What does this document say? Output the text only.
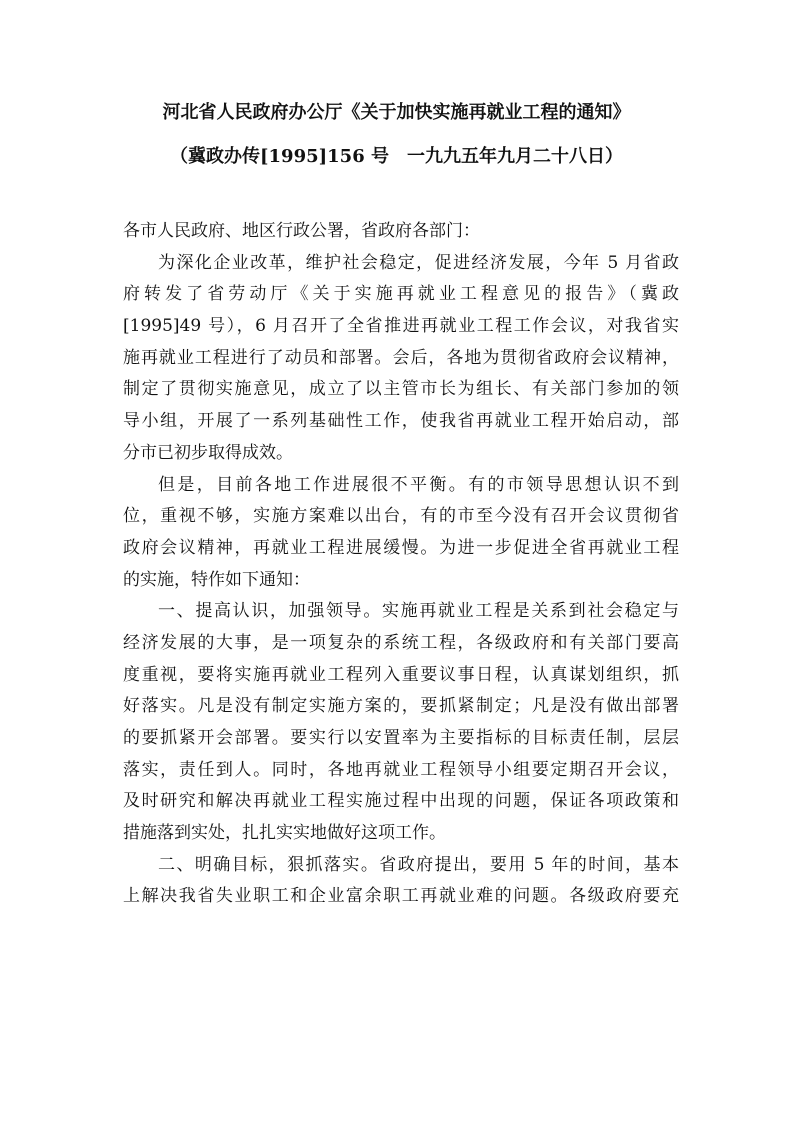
河北省人民政府办公厅《关于加快实施再就业工程的通知》
（冀政办传[1995]156 号　一九九五年九月二十八日）
各市人民政府、地区行政公署，省政府各部门：
为深化企业改革，维护社会稳定，促进经济发展，今年 5 月省政
府转发了省劳动厅《关于实施再就业工程意见的报告》（冀政
[1995]49 号），6 月召开了全省推进再就业工程工作会议，对我省实
施再就业工程进行了动员和部署。会后，各地为贯彻省政府会议精神，
制定了贯彻实施意见，成立了以主管市长为组长、有关部门参加的领
导小组，开展了一系列基础性工作，使我省再就业工程开始启动，部
分市已初步取得成效。
但是，目前各地工作进展很不平衡。有的市领导思想认识不到
位，重视不够，实施方案难以出台，有的市至今没有召开会议贯彻省
政府会议精神，再就业工程进展缓慢。为进一步促进全省再就业工程
的实施，特作如下通知：
一、提高认识，加强领导。实施再就业工程是关系到社会稳定与
经济发展的大事，是一项复杂的系统工程，各级政府和有关部门要高
度重视，要将实施再就业工程列入重要议事日程，认真谋划组织，抓
好落实。凡是没有制定实施方案的，要抓紧制定；凡是没有做出部署
的要抓紧开会部署。要实行以安置率为主要指标的目标责任制，层层
落实，责任到人。同时，各地再就业工程领导小组要定期召开会议，
及时研究和解决再就业工程实施过程中出现的问题，保证各项政策和
措施落到实处，扎扎实实地做好这项工作。
二、明确目标，狠抓落实。省政府提出，要用 5 年的时间，基本
上解决我省失业职工和企业富余职工再就业难的问题。各级政府要充
